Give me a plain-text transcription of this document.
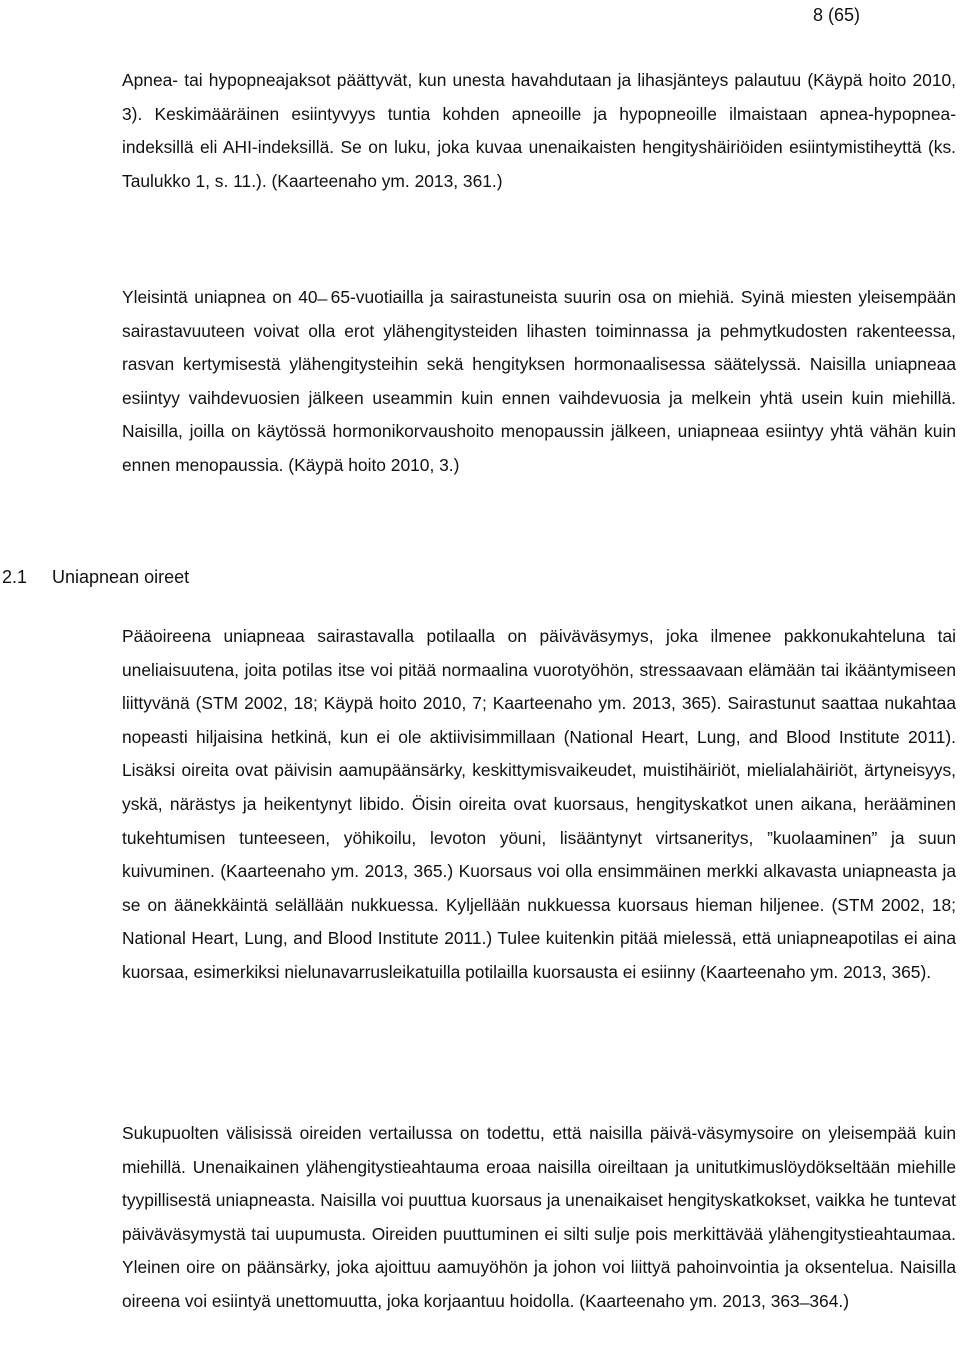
8 (65)

Apnea- tai hypopneajaksot päättyvät, kun unesta havahdutaan ja lihasjänteys palautuu (Käypä hoito 2010, 3). Keskimääräinen esiintyvyys tuntia kohden apneoille ja hypopneoille ilmaistaan apnea-hypopnea-indeksillä eli AHI-indeksillä. Se on luku, joka kuvaa unenaikaisten hengityshäiriöiden esiintymistiheyttä (ks. Taulukko 1, s. 11.). (Kaarteenaho ym. 2013, 361.)

Yleisintä uniapnea on 40 ̶ 65-vuotiailla ja sairastuneista suurin osa on miehiä. Syinä miesten yleisempään sairastavuuteen voivat olla erot ylähengitysteiden lihasten toiminnassa ja pehmytkudosten rakenteessa, rasvan kertymisestä ylähengitysteihin sekä hengityksen hormonaalisessa säätelyssä. Naisilla uniapneaa esiintyy vaihdevuosien jälkeen useammin kuin ennen vaihdevuosia ja melkein yhtä usein kuin miehillä. Naisilla, joilla on käytössä hormonikorvaushoito menopaussin jälkeen, uniapneaa esiintyy yhtä vähän kuin ennen menopaussia. (Käypä hoito 2010, 3.)

2.1 Uniapnean oireet

Pääoireena uniapneaa sairastavalla potilaalla on päiväväsymys, joka ilmenee pakkonukahteluna tai uneliaisuutena, joita potilas itse voi pitää normaalina vuorotyöhön, stressaavaan elämään tai ikääntymiseen liittyvänä (STM 2002, 18; Käypä hoito 2010, 7; Kaarteenaho ym. 2013, 365). Sairastunut saattaa nukahtaa nopeasti hiljaisina hetkinä, kun ei ole aktiivisimmillaan (National Heart, Lung, and Blood Institute 2011). Lisäksi oireita ovat päivisin aamupäänsärky, keskittymisvaikeudet, muistihäiriöt, mielialahäiriöt, ärtyneisyys, yskä, närästys ja heikentynyt libido. Öisin oireita ovat kuorsaus, hengityskatkot unen aikana, herääminen tukehtumisen tunteeseen, yöhikoilu, levoton yöuni, lisääntynyt virtsaneritys, ”kuolaaminen” ja suun kuivuminen. (Kaarteenaho ym. 2013, 365.) Kuorsaus voi olla ensimmäinen merkki alkavasta uniapneasta ja se on äänekkäintä selällään nukkuessa. Kyljellään nukkuessa kuorsaus hieman hiljenee. (STM 2002, 18; National Heart, Lung, and Blood Institute 2011.) Tulee kuitenkin pitää mielessä, että uniapneapotilas ei aina kuorsaa, esimerkiksi nielunavarrusleikatuilla potilailla kuorsausta ei esiinny (Kaarteenaho ym. 2013, 365).

Sukupuolten välisissä oireiden vertailussa on todettu, että naisilla päivä-väsymysoire on yleisempää kuin miehillä. Unenaikainen ylähengitystieahtauma eroaa naisilla oireiltaan ja unitutkimuslöydökseltään miehille tyypillisestä uniapneasta. Naisilla voi puuttua kuorsaus ja unenaikaiset hengityskatkokset, vaikka he tuntevat päiväväsymystä tai uupumusta. Oireiden puuttuminen ei silti sulje pois merkittävää ylähengitystieahtaumaa. Yleinen oire on päänsärky, joka ajoittuu aamuyöhön ja johon voi liittyä pahoinvointia ja oksentelua. Naisilla oireena voi esiintyä unettomuutta, joka korjaantuu hoidolla. (Kaarteenaho ym. 2013, 363 ̶ 364.)
